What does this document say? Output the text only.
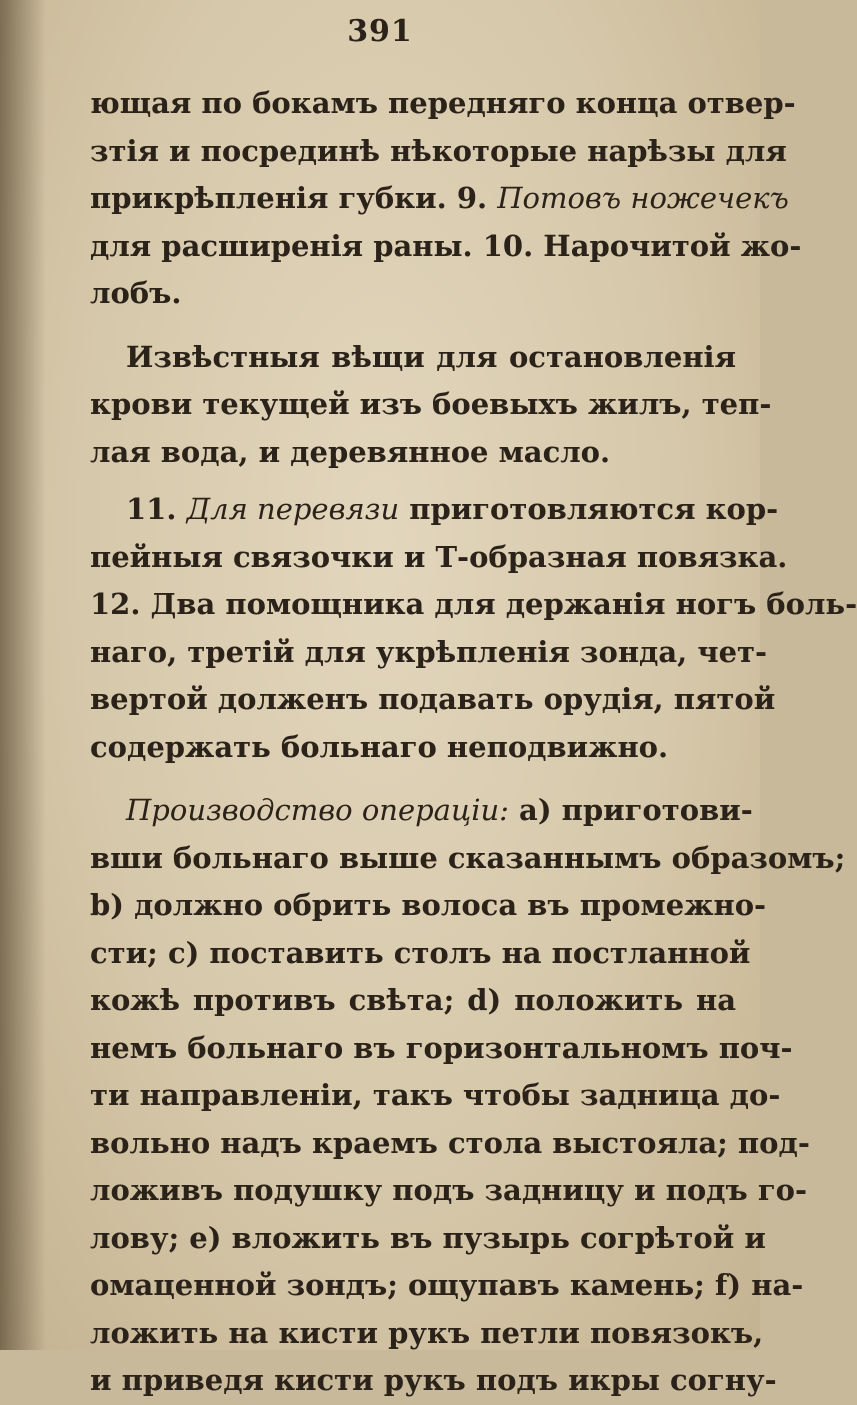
391
ющая по бокамъ передняго конца отвер-
зтія и посрединѣ нѣкоторые нарѣзы для
прикрѣпленія губки. 9. Потовъ ножечекъ
для расширенія раны. 10. Нарочитой жо-
лобъ.
Извѣстныя вѣщи для остановленія
крови текущей изъ боевыхъ жилъ, теп-
лая вода, и деревянное масло.
11. Для перевязи приготовляются кор-
пейныя связочки и Т-образная повязка.
12. Два помощника для держанія ногъ боль-
наго, третій для укрѣпленія зонда, чет-
вертой долженъ подавать орудія, пятой
содержать больнаго неподвижно.
Производство операціи: a) приготови-
вши больнаго выше сказаннымъ образомъ;
b) должно обрить волоса въ промежно-
сти; c) поставить столъ на постланной
кожѣ противъ свѣта; d) положить на
немъ больнаго въ горизонтальномъ поч-
ти направленіи, такъ чтобы задница до-
вольно надъ краемъ стола выстояла; под-
ложивъ подушку подъ задницу и подъ го-
лову; e) вложить въ пузырь согрѣтой и
омаценной зондъ; ощупавъ камень; f) на-
ложить на кисти рукъ петли повязокъ,
и приведя кисти рукъ подъ икры согну-
